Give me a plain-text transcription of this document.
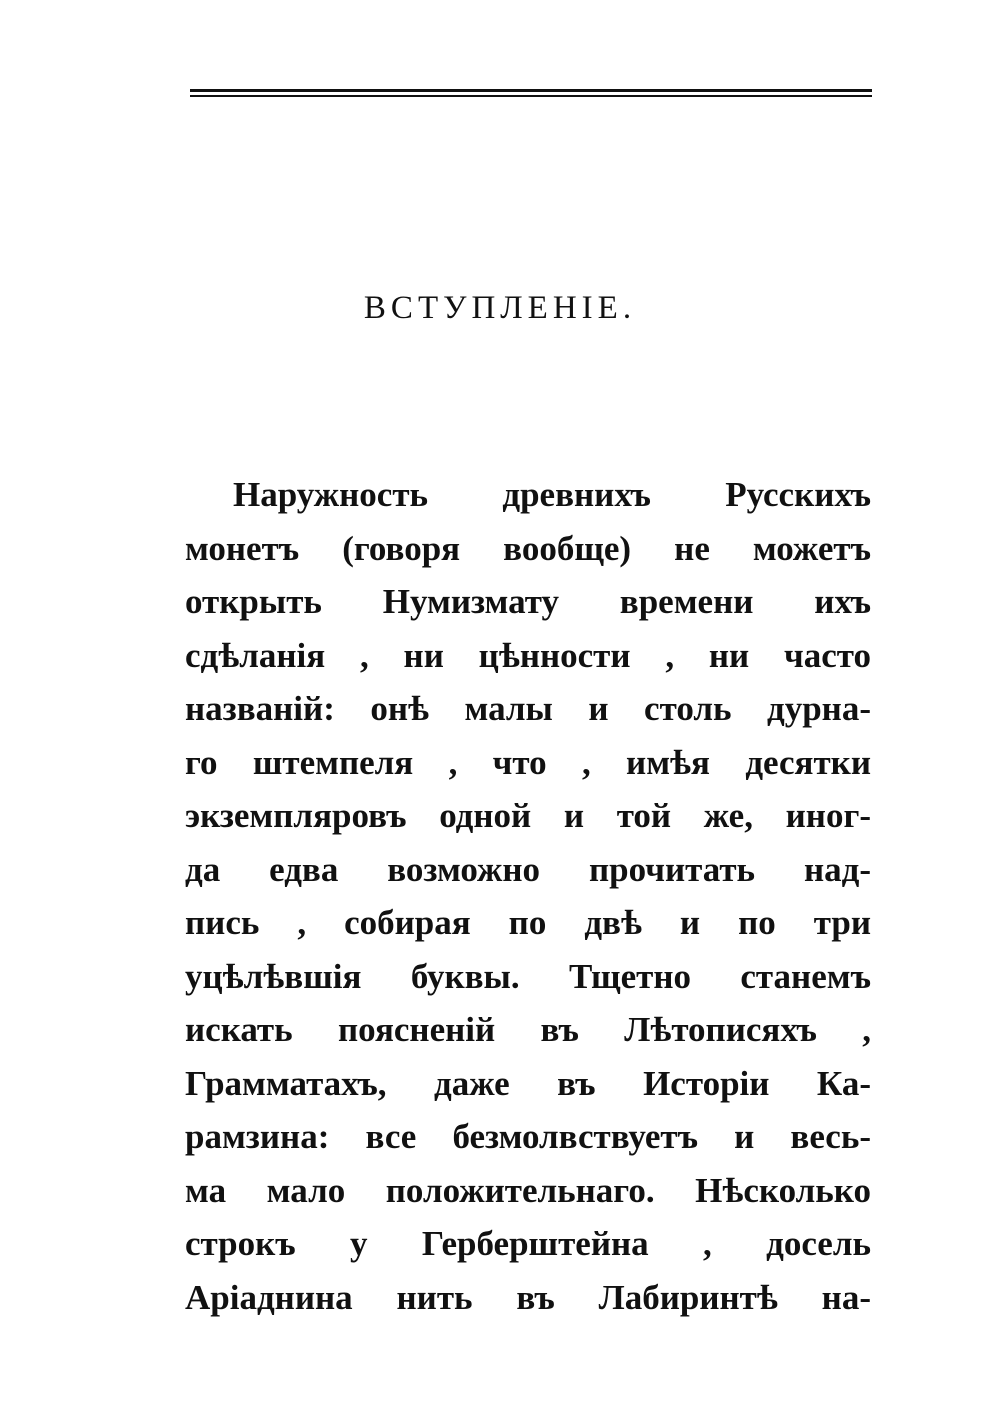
ВСТУПЛЕНІЕ.
Наружность древнихъ Русскихъ
монетъ (говоря вообще) не можетъ
открыть Нумизмату времени ихъ
сдѣланія , ни цѣнности , ни часто
названій: онѣ малы и столь дурна-
го штемпеля , что , имѣя десятки
экземпляровъ одной и той же, иног-
да едва возможно прочитать над-
пись , собирая по двѣ и по три
уцѣлѣвшія буквы. Тщетно станемъ
искать поясненій въ Лѣтописяхъ ,
Грамматахъ, даже въ Исторіи Ка-
рамзина: все безмолвствуетъ и весь-
ма мало положительнаго. Нѣсколько
строкъ у Герберштейна , досель
Аріаднина нить въ Лабиринтѣ на-
